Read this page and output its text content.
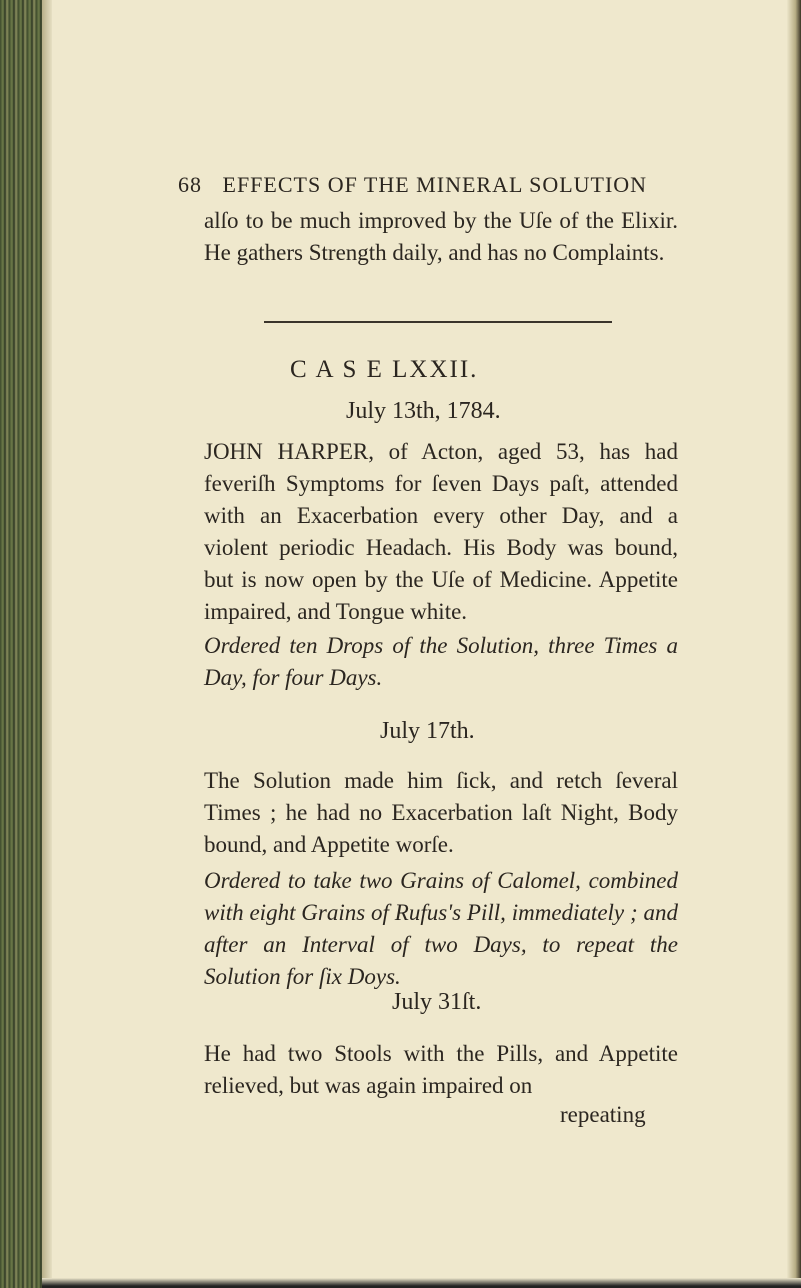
68 EFFECTS OF THE MINERAL SOLUTION
alſo to be much improved by the Uſe of the Elixir. He gathers Strength daily, and has no Complaints.
C A S E LXXII.
July 13th, 1784.
JOHN HARPER, of Acton, aged 53, has had feveriſh Symptoms for ſeven Days paſt, attended with an Exacerbation every other Day, and a violent periodic Headach. His Body was bound, but is now open by the Uſe of Medicine. Appetite impaired, and Tongue white.
Ordered ten Drops of the Solution, three Times a Day, for four Days.
July 17th.
The Solution made him ſick, and retch ſeveral Times ; he had no Exacerbation laſt Night, Body bound, and Appetite worſe.
Ordered to take two Grains of Calomel, combined with eight Grains of Rufus's Pill, immediately ; and after an Interval of two Days, to repeat the Solution for ſix Doys.
July 31ſt.
He had two Stools with the Pills, and Appetite relieved, but was again impaired on
repeating
